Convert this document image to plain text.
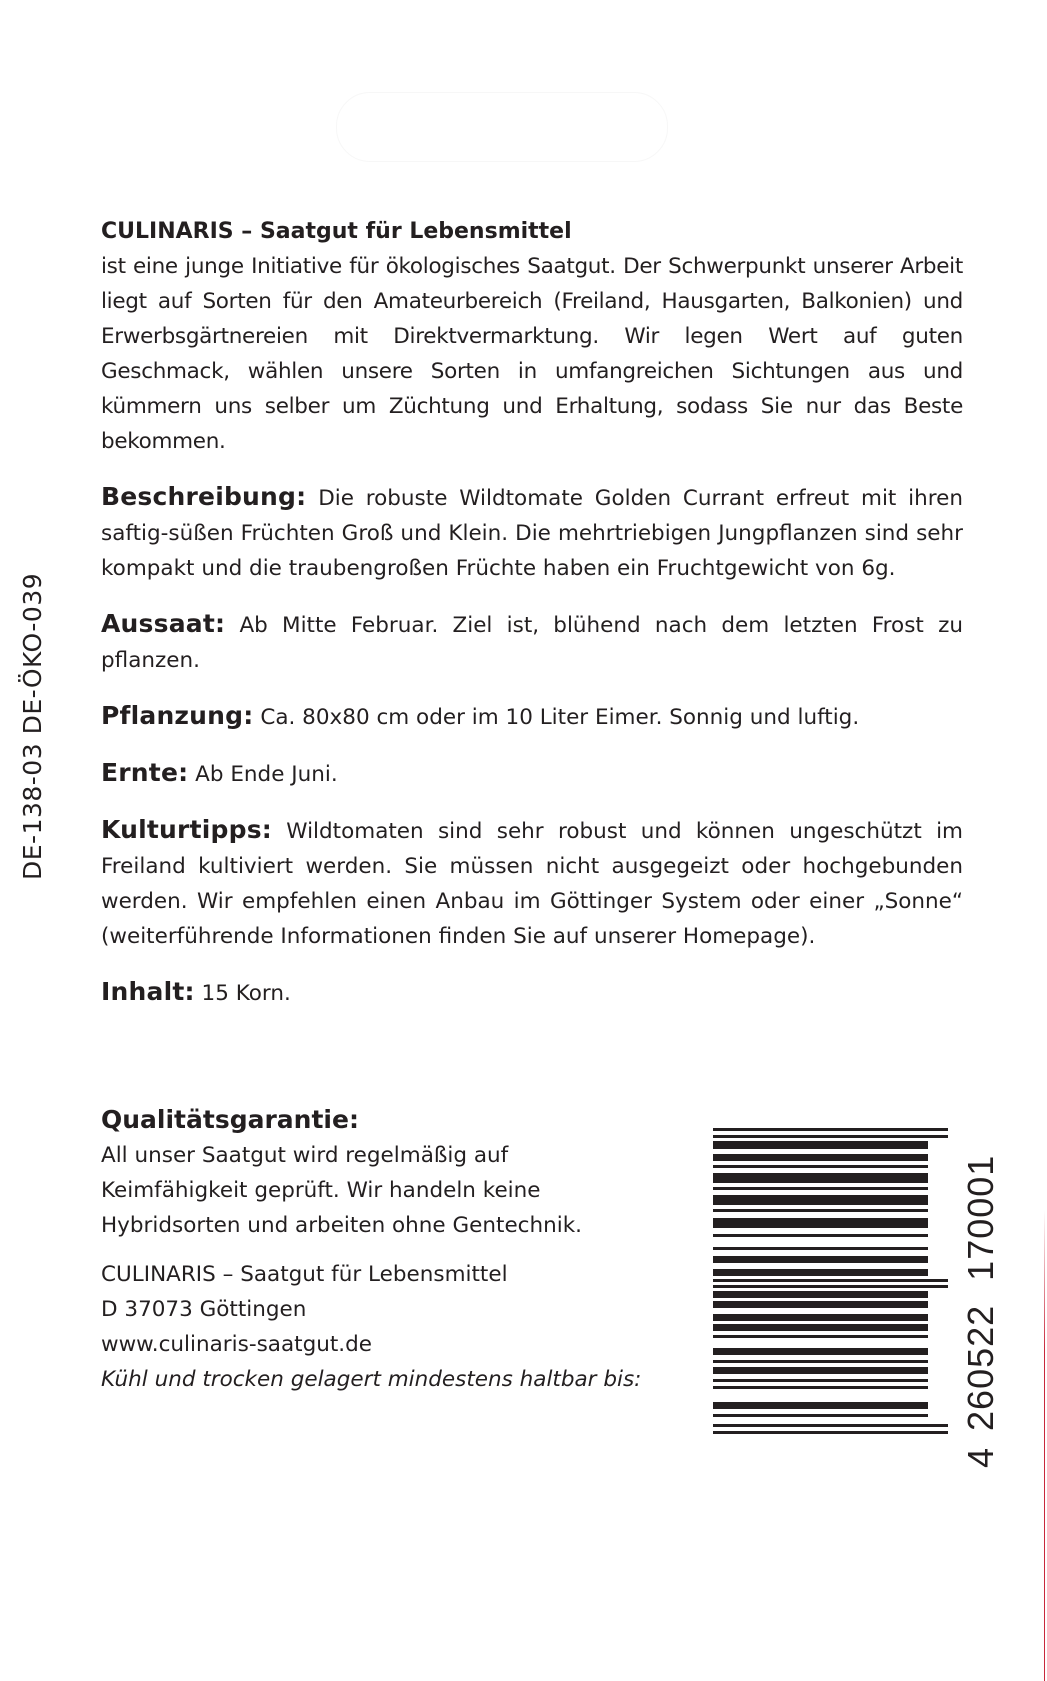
DE-138-03 DE-ÖKO-039
CULINARIS – Saatgut für Lebensmittel
ist eine junge Initiative für ökologisches Saatgut. Der Schwerpunkt unserer Arbeit liegt auf Sorten für den Amateurbereich (Freiland, Hausgarten, Balkonien) und Erwerbsgärtnereien mit Direktvermarktung. Wir legen Wert auf guten Geschmack, wählen unsere Sorten in umfangreichen Sichtungen aus und kümmern uns selber um Züchtung und Erhaltung, sodass Sie nur das Beste bekommen.
Beschreibung: Die robuste Wildtomate Golden Currant erfreut mit ihren saftig-süßen Früchten Groß und Klein. Die mehrtriebigen Jungpflanzen sind sehr kompakt und die traubengroßen Früchte haben ein Fruchtgewicht von 6g.
Aussaat: Ab Mitte Februar. Ziel ist, blühend nach dem letzten Frost zu pflanzen.
Pflanzung: Ca. 80x80 cm oder im 10 Liter Eimer. Sonnig und luftig.
Ernte: Ab Ende Juni.
Kulturtipps: Wildtomaten sind sehr robust und können ungeschützt im Freiland kultiviert werden. Sie müssen nicht ausgegeizt oder hochgebunden werden. Wir empfehlen einen Anbau im Göttinger System oder einer „Sonne“ (weiterführende Informationen finden Sie auf unserer Homepage).
Inhalt: 15 Korn.
Qualitätsgarantie:
All unser Saatgut wird regelmäßig auf
Keimfähigkeit geprüft. Wir handeln keine
Hybridsorten und arbeiten ohne Gentechnik.
CULINARIS – Saatgut für Lebensmittel
D 37073 Göttingen
www.culinaris-saatgut.de
Kühl und trocken gelagert mindestens haltbar bis:
4260522170001
